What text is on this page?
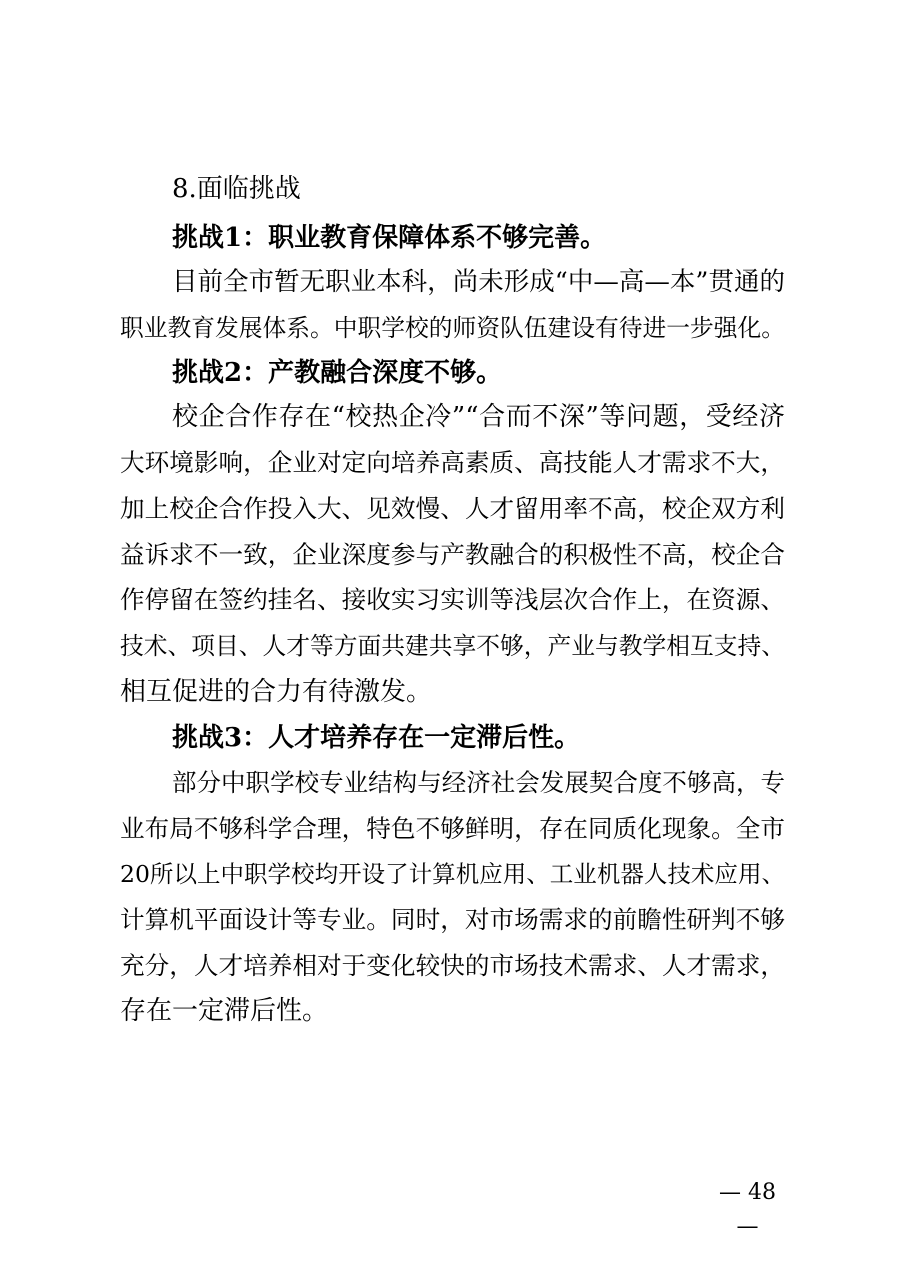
8.面临挑战
挑战1：职业教育保障体系不够完善。
目前全市暂无职业本科，尚未形成“中—高—本”贯通的
职业教育发展体系。中职学校的师资队伍建设有待进一步强化。
挑战2：产教融合深度不够。
校企合作存在“校热企冷”“合而不深”等问题，受经济
大环境影响，企业对定向培养高素质、高技能人才需求不大，
加上校企合作投入大、见效慢、人才留用率不高，校企双方利
益诉求不一致，企业深度参与产教融合的积极性不高，校企合
作停留在签约挂名、接收实习实训等浅层次合作上，在资源、
技术、项目、人才等方面共建共享不够，产业与教学相互支持、
相互促进的合力有待激发。
挑战3：人才培养存在一定滞后性。
部分中职学校专业结构与经济社会发展契合度不够高，专
业布局不够科学合理，特色不够鲜明，存在同质化现象。全市
20所以上中职学校均开设了计算机应用、工业机器人技术应用、
计算机平面设计等专业。同时，对市场需求的前瞻性研判不够
充分，人才培养相对于变化较快的市场技术需求、人才需求，
存在一定滞后性。
— 48 —
